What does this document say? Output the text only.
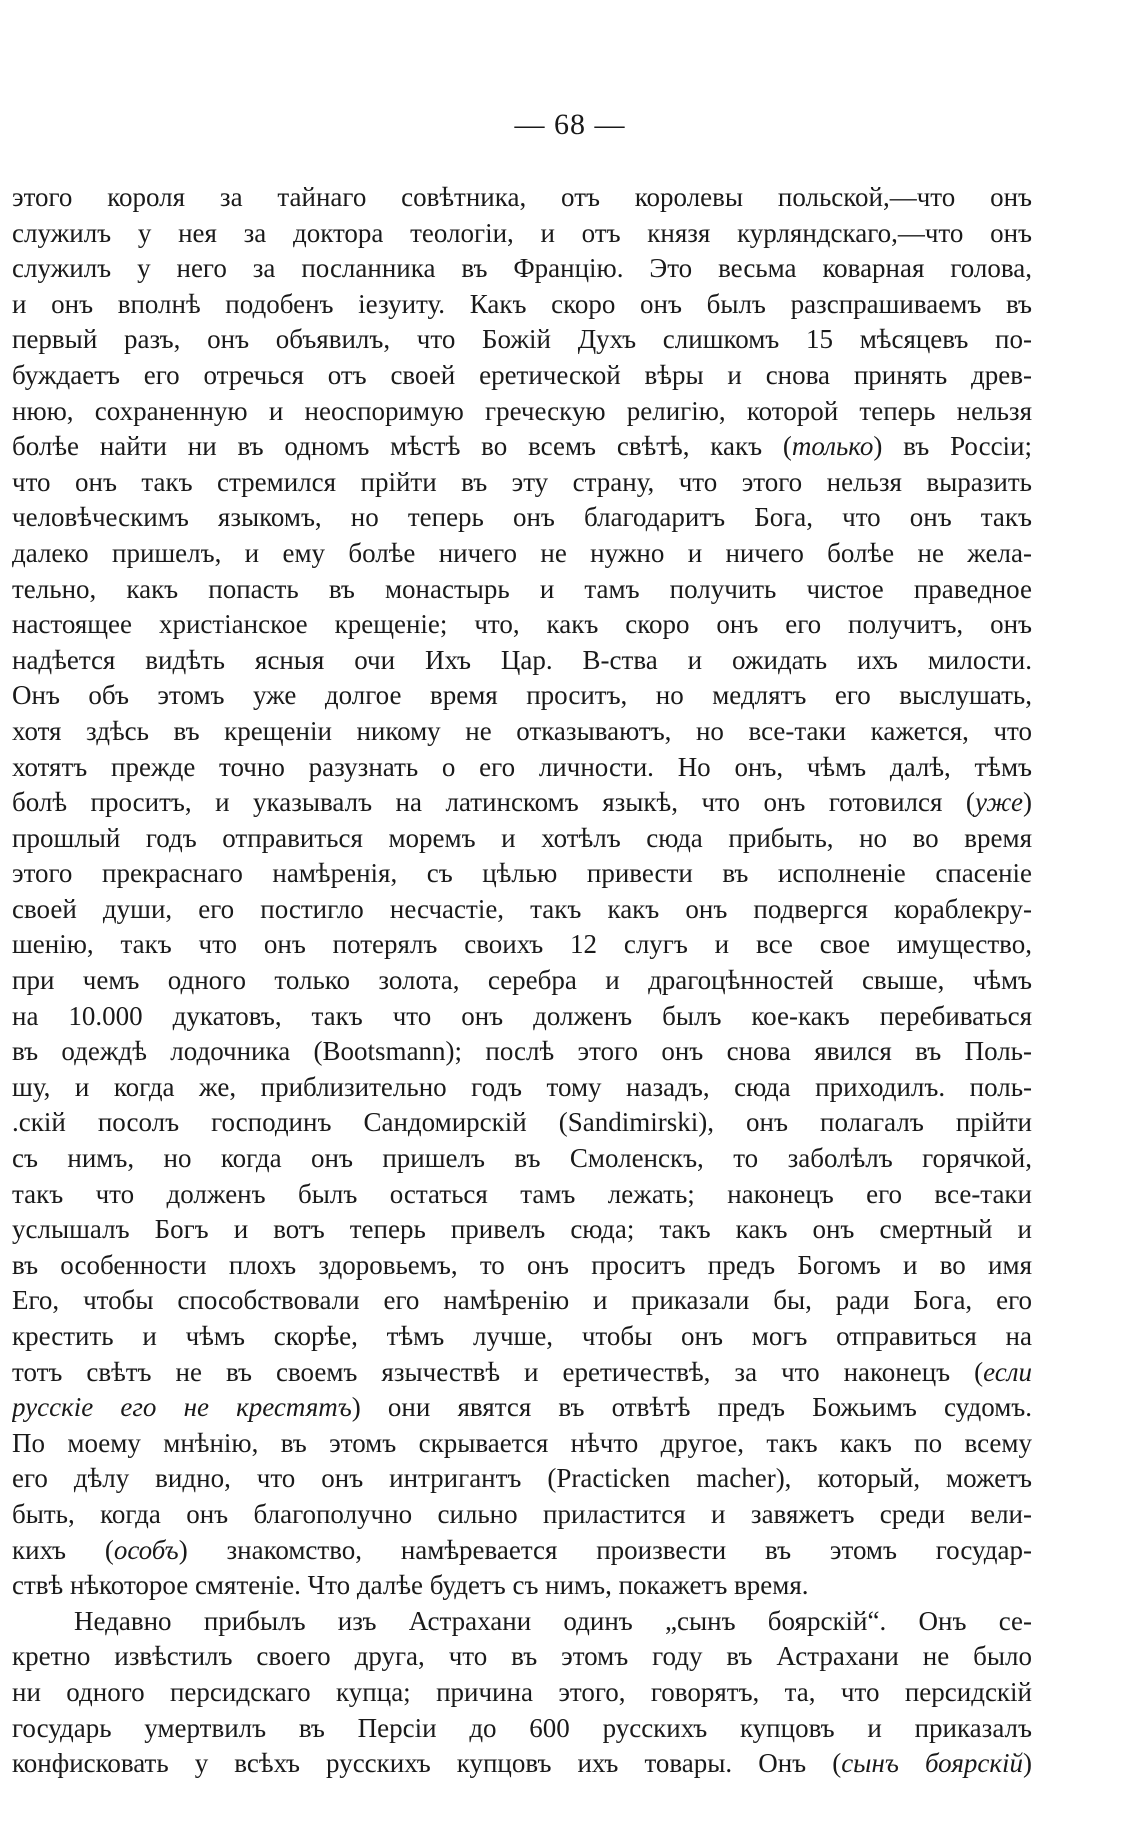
— 68 —
этого короля за тайнаго совѣтника, отъ королевы польской,—что онъ
служилъ у нея за доктора теологіи, и отъ князя курляндскаго,—что онъ
служилъ у него за посланника въ Францію. Это весьма коварная голова,
и онъ вполнѣ подобенъ іезуиту. Какъ скоро онъ былъ разспрашиваемъ въ
первый разъ, онъ объявилъ, что Божій Духъ слишкомъ 15 мѣсяцевъ по-
буждаетъ его отречься отъ своей еретической вѣры и снова принять древ-
нюю, сохраненную и неоспоримую греческую религію, которой теперь нельзя
болѣе найти ни въ одномъ мѣстѣ во всемъ свѣтѣ, какъ (только) въ Россіи;
что онъ такъ стремился прійти въ эту страну, что этого нельзя выразить
человѣческимъ языкомъ, но теперь онъ благодаритъ Бога, что онъ такъ
далеко пришелъ, и ему болѣе ничего не нужно и ничего болѣе не жела-
тельно, какъ попасть въ монастырь и тамъ получить чистое праведное
настоящее христіанское крещеніе; что, какъ скоро онъ его получитъ, онъ
надѣется видѣть ясныя очи Ихъ Цар. В-ства и ожидать ихъ милости.
Онъ объ этомъ уже долгое время проситъ, но медлятъ его выслушать,
хотя здѣсь въ крещеніи никому не отказываютъ, но все-таки кажется, что
хотятъ прежде точно разузнать о его личности. Но онъ, чѣмъ далѣ, тѣмъ
болѣ проситъ, и указывалъ на латинскомъ языкѣ, что онъ готовился (уже)
прошлый годъ отправиться моремъ и хотѣлъ сюда прибыть, но во время
этого прекраснаго намѣренія, съ цѣлью привести въ исполненіе спасеніе
своей души, его постигло несчастіе, такъ какъ онъ подвергся кораблекру-
шенію, такъ что онъ потерялъ своихъ 12 слугъ и все свое имущество,
при чемъ одного только золота, серебра и драгоцѣнностей свыше, чѣмъ
на 10.000 дукатовъ, такъ что онъ долженъ былъ кое-какъ перебиваться
въ одеждѣ лодочника (Bootsmann); послѣ этого онъ снова явился въ Поль-
шу, и когда же, приблизительно годъ тому назадъ, сюда приходилъ. поль-
.скій посолъ господинъ Сандомирскій (Sandimirski), онъ полагалъ прійти
съ нимъ, но когда онъ пришелъ въ Смоленскъ, то заболѣлъ горячкой,
такъ что долженъ былъ остаться тамъ лежать; наконецъ его все-таки
услышалъ Богъ и вотъ теперь привелъ сюда; такъ какъ онъ смертный и
въ особенности плохъ здоровьемъ, то онъ проситъ предъ Богомъ и во имя
Его, чтобы способствовали его намѣренію и приказали бы, ради Бога, его
крестить и чѣмъ скорѣе, тѣмъ лучше, чтобы онъ могъ отправиться на
тотъ свѣтъ не въ своемъ язычествѣ и еретичествѣ, за что наконецъ (если
русскіе его не крестятъ) они явятся въ отвѣтѣ предъ Божьимъ судомъ.
По моему мнѣнію, въ этомъ скрывается нѣчто другое, такъ какъ по всему
его дѣлу видно, что онъ интригантъ (Practicken macher), который, можетъ
быть, когда онъ благополучно сильно приластится и завяжетъ среди вели-
кихъ (особъ) знакомство, намѣревается произвести въ этомъ государ-
ствѣ нѣкоторое смятеніе. Что далѣе будетъ съ нимъ, покажетъ время.
Недавно прибылъ изъ Астрахани одинъ „сынъ боярскій“. Онъ се-
кретно извѣстилъ своего друга, что въ этомъ году въ Астрахани не было
ни одного персидскаго купца; причина этого, говорятъ, та, что персидскій
государь умертвилъ въ Персіи до 600 русскихъ купцовъ и приказалъ
конфисковать у всѣхъ русскихъ купцовъ ихъ товары. Онъ (сынъ боярскій)
